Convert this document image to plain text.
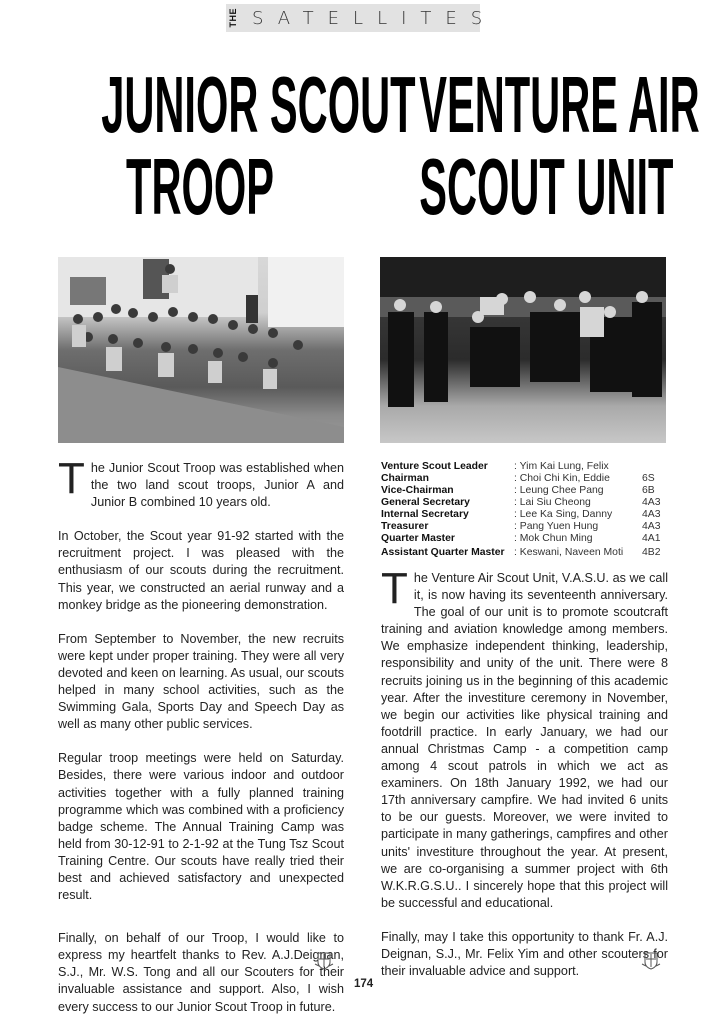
THE SATELLITES
JUNIOR SCOUT
TROOP
VENTURE AIR
SCOUT UNIT

The Junior Scout Troop was established when the two land scout troops, Junior A and Junior B combined 10 years old.

In October, the Scout year 91-92 started with the recruitment project. I was pleased with the enthusiasm of our scouts during the recruitment. This year, we constructed an aerial runway and a monkey bridge as the pioneering demonstration.

From September to November, the new recruits were kept under proper training. They were all very devoted and keen on learning. As usual, our scouts helped in many school activities, such as the Swimming Gala, Sports Day and Speech Day as well as many other public services.

Regular troop meetings were held on Saturday. Besides, there were various indoor and outdoor activities together with a fully planned training programme which was combined with a proficiency badge scheme. The Annual Training Camp was held from 30-12-91 to 2-1-92 at the Tung Tsz Scout Training Centre. Our scouts have really tried their best and achieved satisfactory and unexpected result.

Finally, on behalf of our Troop, I would like to express my heartfelt thanks to Rev. A.J.Deignan, S.J., Mr. W.S. Tong and all our Scouters for their invaluable assistance and support. Also, I wish every success to our Junior Scout Troop in future.

Venture Scout Leader	: Yim Kai Lung, Felix
Chairman	: Choi Chi Kin, Eddie	6S
Vice-Chairman	: Leung Chee Pang	6B
General Secretary	: Lai Siu Cheong	4A3
Internal Secretary	: Lee Ka Sing, Danny	4A3
Treasurer	: Pang Yuen Hung	4A3
Quarter Master	: Mok Chun Ming	4A1
Assistant Quarter Master : Keswani, Naveen Moti	4B2

The Venture Air Scout Unit, V.A.S.U. as we call it, is now having its seventeenth anniversary. The goal of our unit is to promote scoutcraft training and aviation knowledge among members. We emphasize independent thinking, leadership, responsibility and unity of the unit. There were 8 recruits joining us in the beginning of this academic year. After the investiture ceremony in November, we begin our activities like physical training and footdrill practice. In early January, we had our annual Christmas Camp - a competition camp among 4 scout patrols in which we act as examiners. On 18th January 1992, we had our 17th anniversary campfire. We had invited 6 units to be our guests. Moreover, we were invited to participate in many gatherings, campfires and other units' investiture throughout the year. At present, we are co-organising a summer project with 6th W.K.R.G.S.U.. I sincerely hope that this project will be successful and educational.

Finally, may I take this opportunity to thank Fr. A.J. Deignan, S.J., Mr. Felix Yim and other scouters for their invaluable advice and support.

174
